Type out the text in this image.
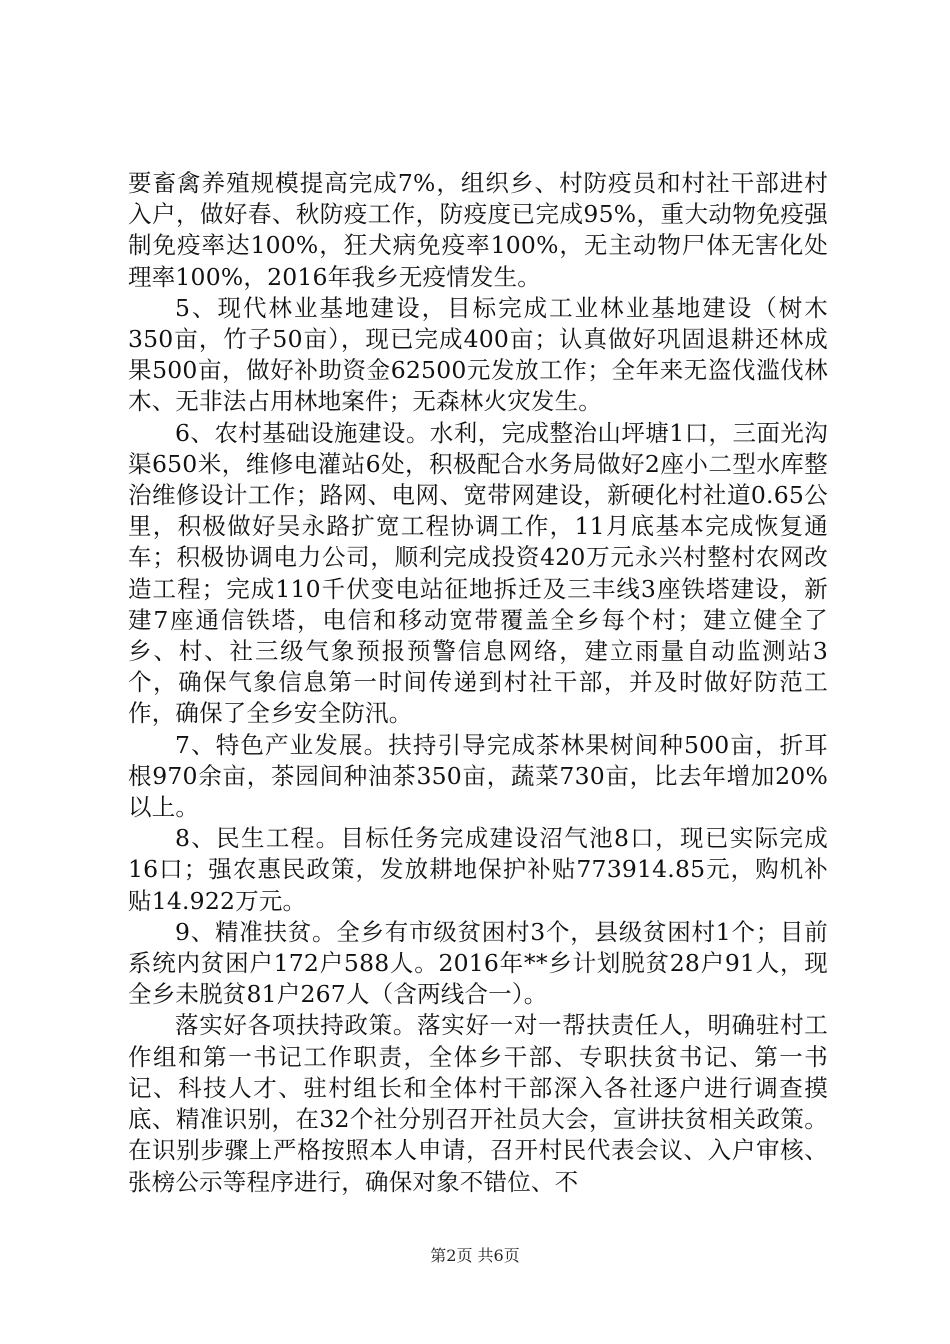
要畜禽养殖规模提高完成7%，组织乡、村防疫员和村社干部进村入户，做好春、秋防疫工作，防疫度已完成95%，重大动物免疫强制免疫率达100%，狂犬病免疫率100%，无主动物尸体无害化处理率100%，2016年我乡无疫情发生。

5、现代林业基地建设，目标完成工业林业基地建设（树木350亩，竹子50亩），现已完成400亩；认真做好巩固退耕还林成果500亩，做好补助资金62500元发放工作；全年来无盗伐滥伐林木、无非法占用林地案件；无森林火灾发生。

6、农村基础设施建设。水利，完成整治山坪塘1口，三面光沟渠650米，维修电灌站6处，积极配合水务局做好2座小二型水库整治维修设计工作；路网、电网、宽带网建设，新硬化村社道0.65公里，积极做好吴永路扩宽工程协调工作，11月底基本完成恢复通车；积极协调电力公司，顺利完成投资420万元永兴村整村农网改造工程；完成110千伏变电站征地拆迁及三丰线3座铁塔建设，新建7座通信铁塔，电信和移动宽带覆盖全乡每个村；建立健全了乡、村、社三级气象预报预警信息网络，建立雨量自动监测站3个，确保气象信息第一时间传递到村社干部，并及时做好防范工作，确保了全乡安全防汛。

7、特色产业发展。扶持引导完成茶林果树间种500亩，折耳根970余亩，茶园间种油茶350亩，蔬菜730亩，比去年增加20%以上。

8、民生工程。目标任务完成建设沼气池8口，现已实际完成16口；强农惠民政策，发放耕地保护补贴773914.85元，购机补贴14.922万元。

9、精准扶贫。全乡有市级贫困村3个，县级贫困村1个；目前系统内贫困户172户588人。2016年**乡计划脱贫28户91人，现全乡未脱贫81户267人（含两线合一）。

落实好各项扶持政策。落实好一对一帮扶责任人，明确驻村工作组和第一书记工作职责，全体乡干部、专职扶贫书记、第一书记、科技人才、驻村组长和全体村干部深入各社逐户进行调查摸底、精准识别，在32个社分别召开社员大会，宣讲扶贫相关政策。在识别步骤上严格按照本人申请，召开村民代表会议、入户审核、张榜公示等程序进行，确保对象不错位、不

第2页 共6页
